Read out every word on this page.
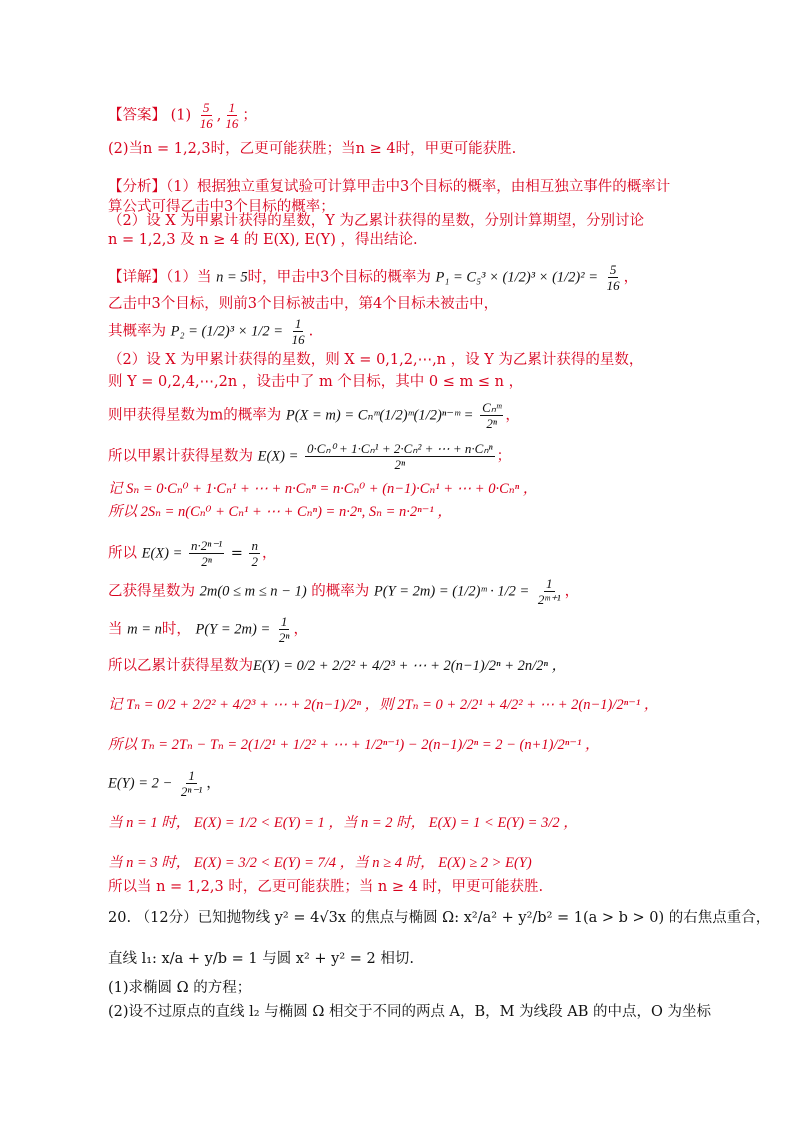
【答案】 $(1) \frac{5}{16}$ , $\frac{1}{16}$ ；
(2)当n = 1,2,3时，乙更可能获胜；当n ≥ 4时，甲更可能获胜.
【分析】（1）根据独立重复试验可计算甲击中3个目标的概率，由相互独立事件的概率计
算公式可得乙击中3个目标的概率；
（2）设 X 为甲累计获得的星数，Y 为乙累计获得的星数，分别计算期望，分别讨论
n = 1,2,3 及 n ≥ 4 的 E(X), E(Y) ，得出结论.
【详解】（1）当 n = 5时，甲击中3个目标的概率为 $P_1 = C_5^3 \times (1/2)^3 \times (1/2)^2 = \frac{5}{16}$ ，
乙击中3个目标，则前3个目标被击中，第4个目标未被击中，
其概率为 $P_2 = (1/2)^3 \times 1/2 = \frac{1}{16}$ .
（2）设 X 为甲累计获得的星数，则 X = 0,1,2,⋯,n ，设 Y 为乙累计获得的星数，
则 Y = 0,2,4,⋯,2n ，设击中了 m 个目标，其中 0 ≤ m ≤ n ，
则甲获得星数为m的概率为 P(X = m) = Cₙᵐ(1/2)ᵐ(1/2)ⁿ⁻ᵐ = $\frac{\text{Cₙᵐ}}{\text{2ⁿ}}$ ，
所以甲累计获得星数为 $E(X) = \frac{\text{0·Cₙ⁰ + 1·Cₙ¹ + 2·Cₙ² + ⋯ + n·Cₙⁿ}}{\text{2ⁿ}}$ ；
记 Sₙ = 0·Cₙ⁰ + 1·Cₙ¹ + ⋯ + n·Cₙⁿ = n·Cₙ⁰ + (n−1)·Cₙ¹ + ⋯ + 0·Cₙⁿ ，
所以 2Sₙ = n(Cₙ⁰ + Cₙ¹ + ⋯ + Cₙⁿ) = n·2ⁿ, Sₙ = n·2ⁿ⁻¹ ，
所以 $E(X) = \frac{\text{n·2ⁿ⁻¹}}{\text{2ⁿ}} = \frac{n}{2}$ ，
乙获得星数为 2m(0 ≤ m ≤ n − 1) 的概率为 P(Y = 2m) = (1/2)ᵐ · $1/2 = \frac{1}{\text{2ᵐ⁺¹}}$ ，
当 m = n时， $P(Y = 2m) = \frac{1}{\text{2ⁿ}}$ ，
所以乙累计获得星数为E(Y) = 0/2 + 2/2² + 4/2³ + ⋯ + 2(n−1)/2ⁿ + 2n/2ⁿ ，
记 Tₙ = 0/2 + 2/2² + 4/2³ + ⋯ + 2(n−1)/2ⁿ ，则 2Tₙ = 0 + 2/2¹ + 4/2² + ⋯ + 2(n−1)/2ⁿ⁻¹ ，
所以 Tₙ = 2Tₙ − Tₙ = 2(1/2¹ + 1/2² + ⋯ + 1/2ⁿ⁻¹) − 2(n−1)/2ⁿ = 2 − (n+1)/2ⁿ⁻¹ ，
$E(Y) = 2 - \frac{1}{\text{2ⁿ⁻¹}}$ ，
当 n = 1 时， E(X) = 1/2 < E(Y) = 1 ，当 n = 2 时， E(X) = 1 < E(Y) = 3/2 ，
当 n = 3 时， E(X) = 3/2 < E(Y) = 7/4 ，当 n ≥ 4 时， E(X) ≥ 2 > E(Y)
所以当 n = 1,2,3 时，乙更可能获胜；当 n ≥ 4 时，甲更可能获胜.
20. （12分）已知抛物线 y² = 4√3x 的焦点与椭圆 Ω: x²/a² + y²/b² = 1(a > b > 0) 的右焦点重合，
直线 l₁: x/a + y/b = 1 与圆 x² + y² = 2 相切.
(1)求椭圆 Ω 的方程；
(2)设不过原点的直线 l₂ 与椭圆 Ω 相交于不同的两点 A，B，M 为线段 AB 的中点，O 为坐标
